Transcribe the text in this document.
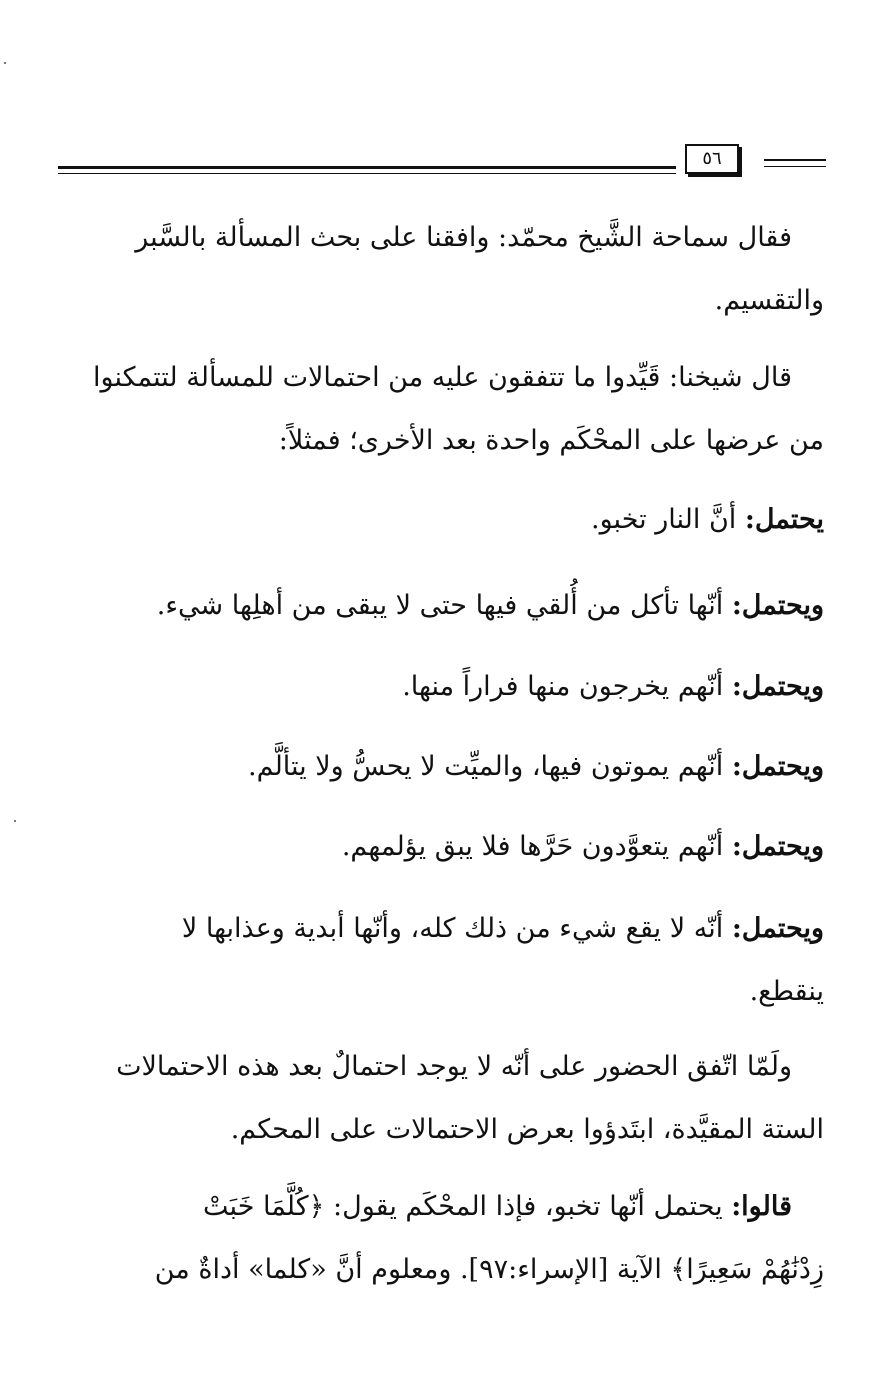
٥٦
فقال سماحة الشَّيخ محمّد: وافقنا على بحث المسألة بالسَّبر
والتقسيم.
قال شيخنا: قَيِّدوا ما تتفقون عليه من احتمالات للمسألة لتتمكنوا
من عرضها على المحْكَم واحدة بعد الأخرى؛ فمثلاً:
يحتمل: أنَّ النار تخبو.
ويحتمل: أنّها تأكل من أُلقي فيها حتى لا يبقى من أهلِها شيء.
ويحتمل: أنّهم يخرجون منها فراراً منها.
ويحتمل: أنّهم يموتون فيها، والميِّت لا يحسُّ ولا يتألَّم.
ويحتمل: أنّهم يتعوَّدون حَرَّها فلا يبق يؤلمهم.
ويحتمل: أنّه لا يقع شيء من ذلك كله، وأنّها أبدية وعذابها لا
ينقطع.
ولَمّا اتّفق الحضور على أنّه لا يوجد احتمالٌ بعد هذه الاحتمالات
الستة المقيَّدة، ابتَدؤوا بعرض الاحتمالات على المحكم.
قالوا: يحتمل أنّها تخبو، فإذا المحْكَم يقول: ﴿كُلَّمَا خَبَتْ
زِدْنَٰهُمْ سَعِيرًا﴾ الآية [الإسراء:٩٧]. ومعلوم أنَّ «كلما» أداةٌ من
